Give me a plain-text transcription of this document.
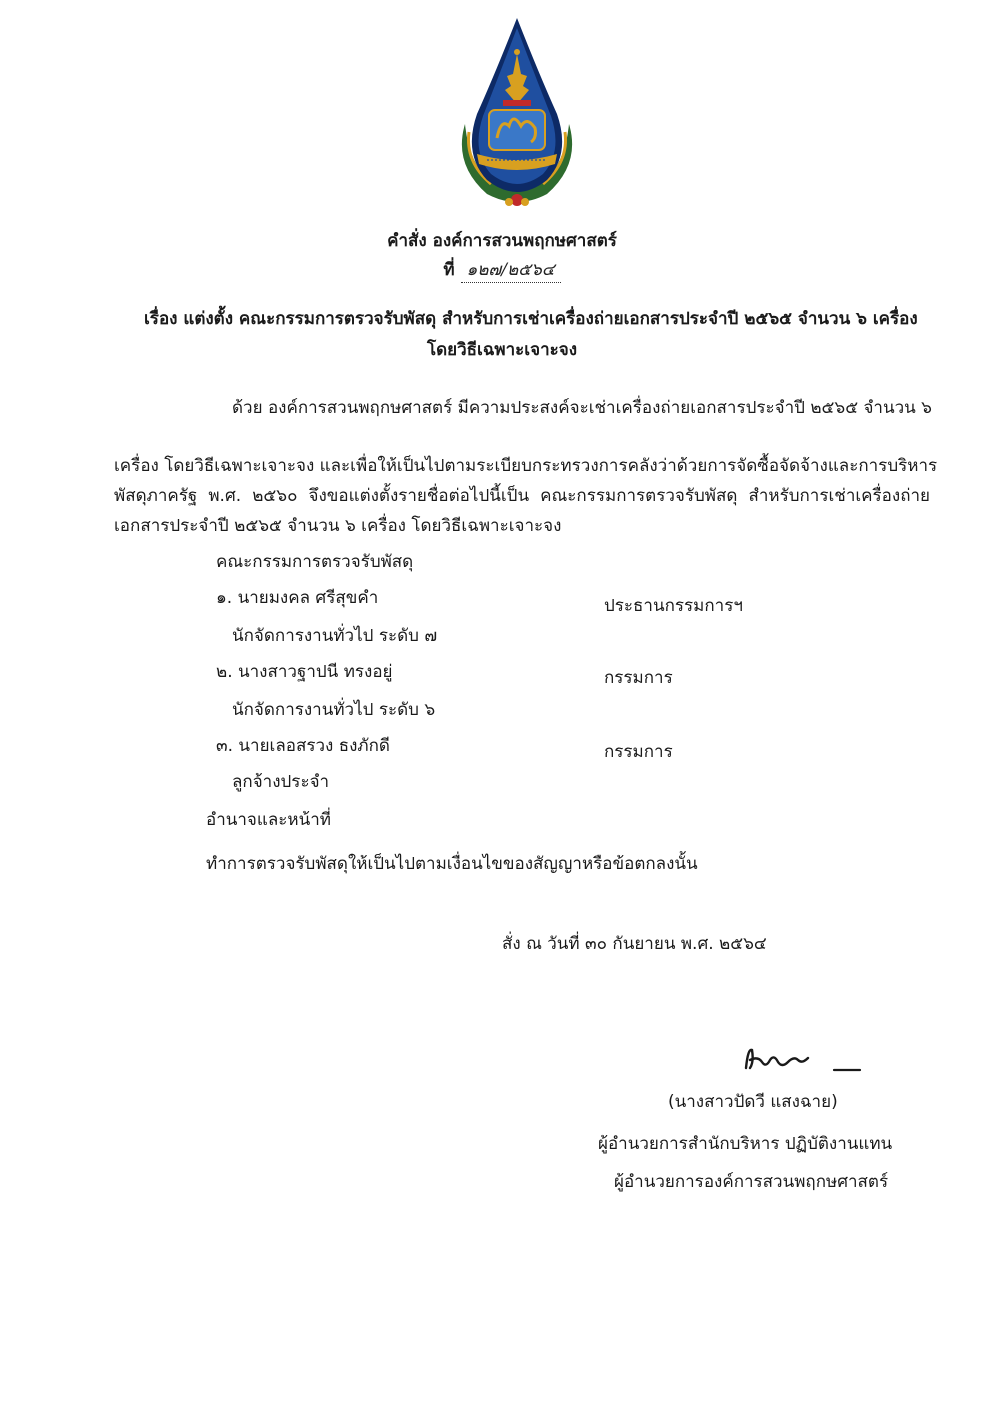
คำสั่ง องค์การสวนพฤกษศาสตร์
ที่ ๑๒๗/๒๕๖๔
เรื่อง แต่งตั้ง คณะกรรมการตรวจรับพัสดุ สำหรับการเช่าเครื่องถ่ายเอกสารประจำปี ๒๕๖๕ จำนวน ๖ เครื่อง
โดยวิธีเฉพาะเจาะจง
ด้วย องค์การสวนพฤกษศาสตร์ มีความประสงค์จะเช่าเครื่องถ่ายเอกสารประจำปี ๒๕๖๕ จำนวน ๖
เครื่อง โดยวิธีเฉพาะเจาะจง และเพื่อให้เป็นไปตามระเบียบกระทรวงการคลังว่าด้วยการจัดซื้อจัดจ้างและการบริหาร
พัสดุภาครัฐ พ.ศ. ๒๕๖๐ จึงขอแต่งตั้งรายชื่อต่อไปนี้เป็น คณะกรรมการตรวจรับพัสดุ สำหรับการเช่าเครื่องถ่าย
เอกสารประจำปี ๒๕๖๕ จำนวน ๖ เครื่อง โดยวิธีเฉพาะเจาะจง
คณะกรรมการตรวจรับพัสดุ
๑. นายมงคล ศรีสุขคำ	ประธานกรรมการฯ
นักจัดการงานทั่วไป ระดับ ๗
๒. นางสาวฐาปนี ทรงอยู่	กรรมการ
นักจัดการงานทั่วไป ระดับ ๖
๓. นายเลอสรวง ธงภักดี	กรรมการ
ลูกจ้างประจำ
อำนาจและหน้าที่
ทำการตรวจรับพัสดุให้เป็นไปตามเงื่อนไขของสัญญาหรือข้อตกลงนั้น
สั่ง ณ วันที่ ๓๐ กันยายน พ.ศ. ๒๕๖๔
(นางสาวปัดวี แสงฉาย)
ผู้อำนวยการสำนักบริหาร ปฏิบัติงานแทน
ผู้อำนวยการองค์การสวนพฤกษศาสตร์
